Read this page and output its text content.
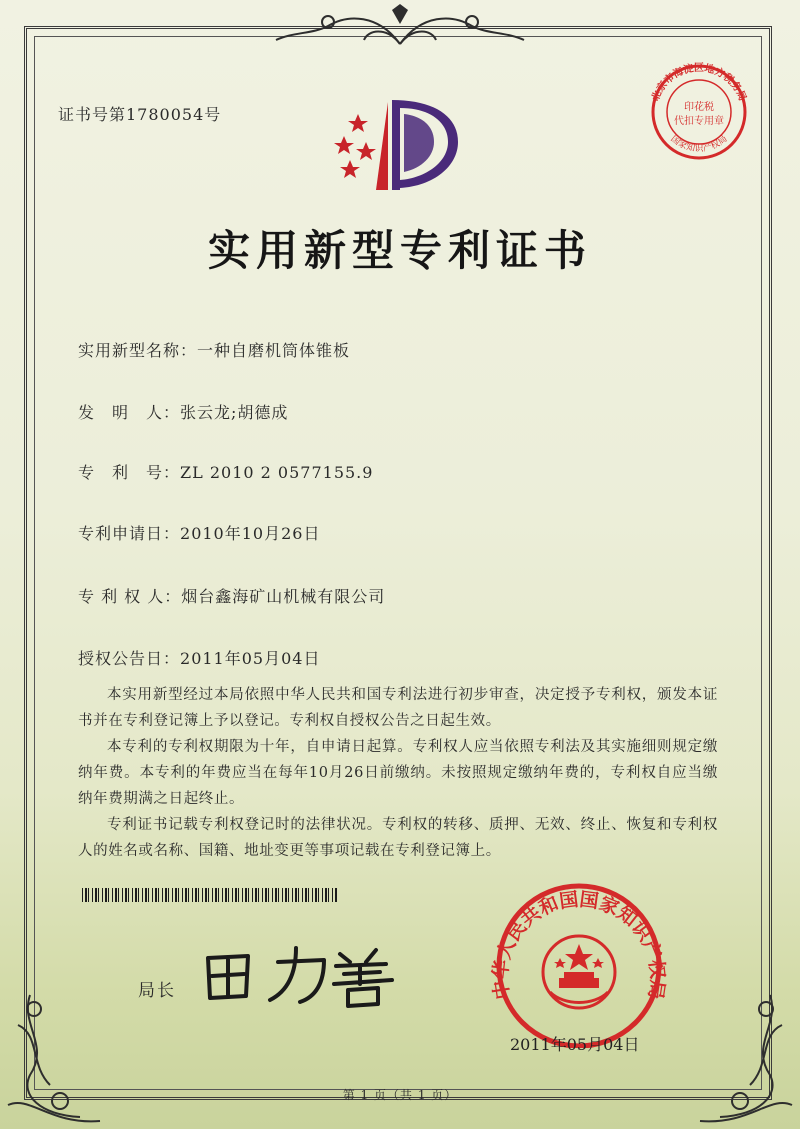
证书号第1780054号
北京市海淀区地方税务局
国家知识产权局
印花税
代扣专用章
实用新型专利证书
实用新型名称：一种自磨机筒体锥板
发　明　人：张云龙;胡德成
专　利　号：ZL 2010 2 0577155.9
专利申请日：2010年10月26日
专 利 权 人：烟台鑫海矿山机械有限公司
授权公告日：2011年05月04日

本实用新型经过本局依照中华人民共和国专利法进行初步审查，决定授予专利权，颁发本证书并在专利登记簿上予以登记。专利权自授权公告之日起生效。

本专利的专利权期限为十年，自申请日起算。专利权人应当依照专利法及其实施细则规定缴纳年费。本专利的年费应当在每年10月26日前缴纳。未按照规定缴纳年费的，专利权自应当缴纳年费期满之日起终止。

专利证书记载专利权登记时的法律状况。专利权的转移、质押、无效、终止、恢复和专利权人的姓名或名称、国籍、地址变更等事项记载在专利登记簿上。

局长	中华人民共和国国家知识产权局
2011年05月04日
第 1 页（共 1 页）
